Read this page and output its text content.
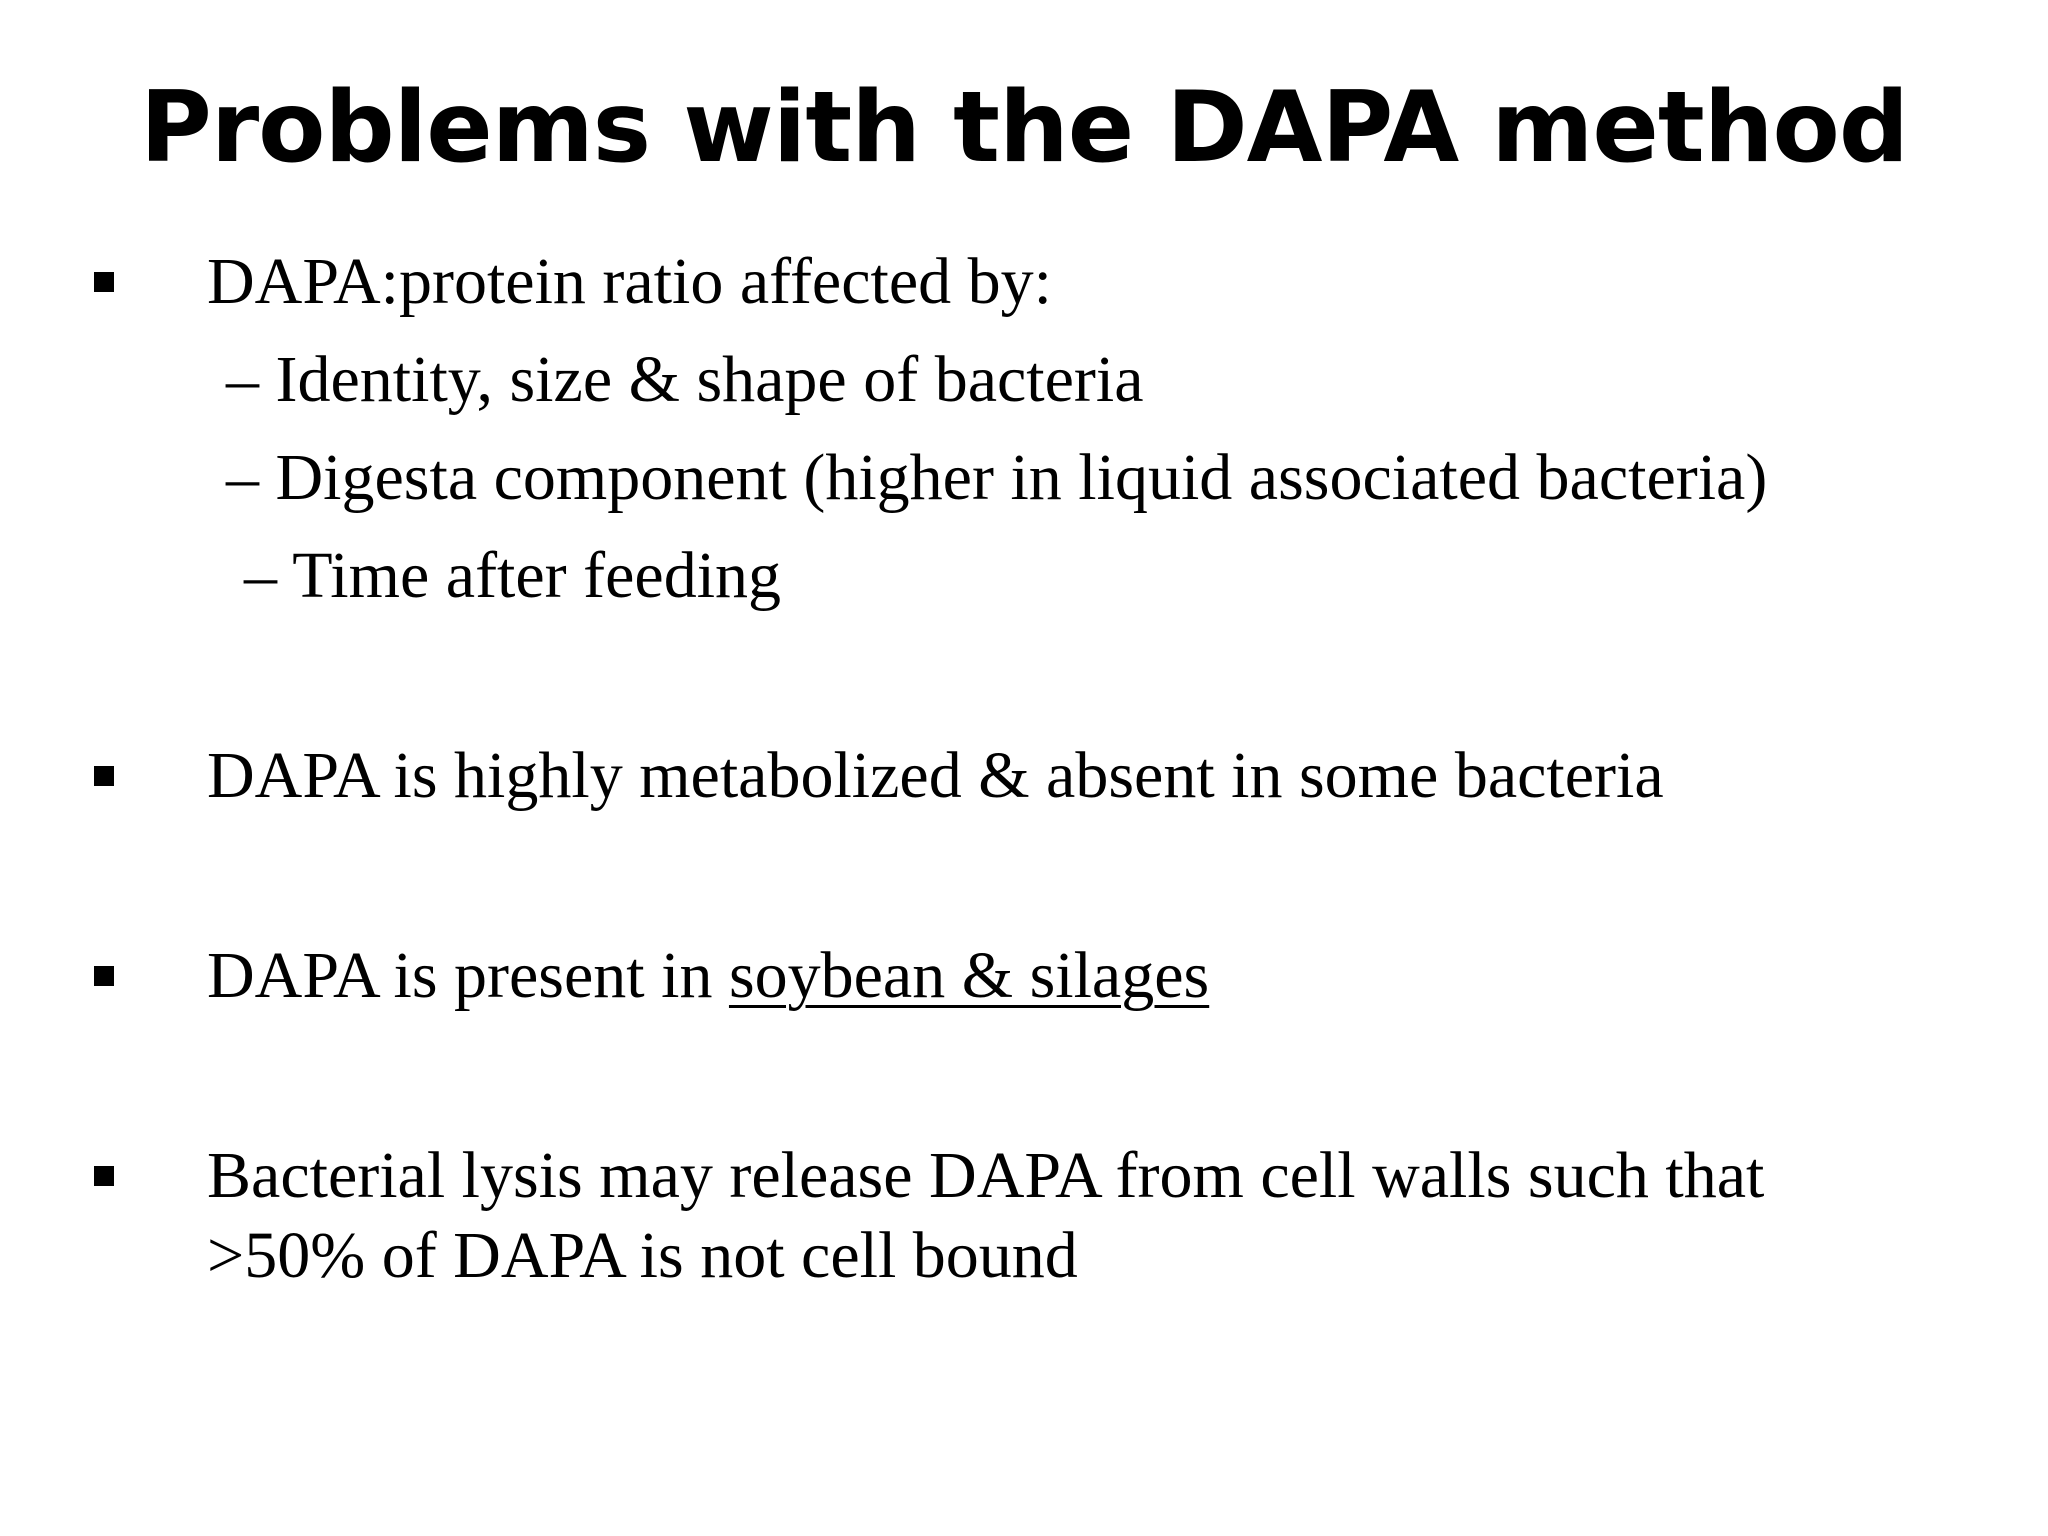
Problems with the DAPA method
DAPA:protein ratio affected by:
– Identity, size & shape of bacteria
– Digesta component (higher in liquid associated bacteria)
– Time after feeding
DAPA is highly metabolized & absent in some bacteria
DAPA is present in soybean & silages
Bacterial lysis may release DAPA from cell walls such that
>50% of DAPA is not cell bound
